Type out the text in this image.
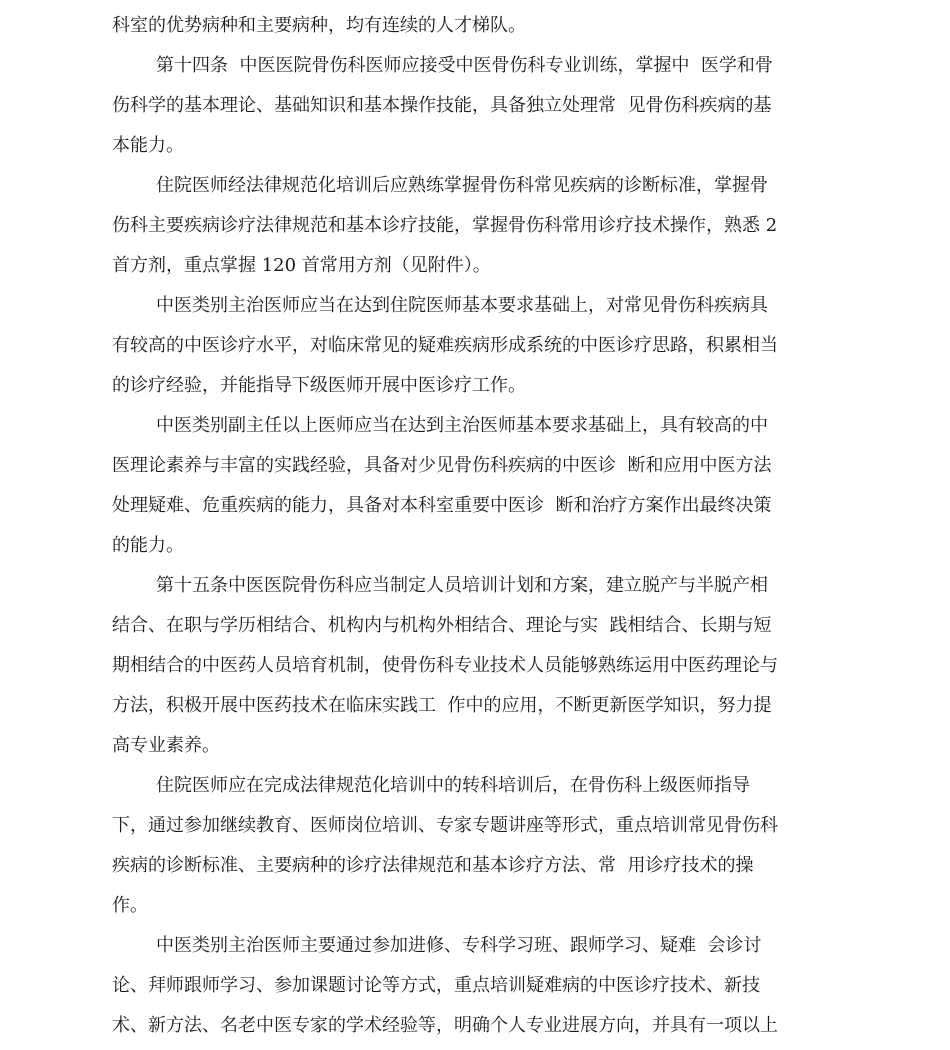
科室的优势病种和主要病种，均有连续的人才梯队。
第十四条  中医医院骨伤科医师应接受中医骨伤科专业训练，掌握中  医学和骨
伤科学的基本理论、基础知识和基本操作技能，具备独立处理常  见骨伤科疾病的基
本能力。
住院医师经法律规范化培训后应熟练掌握骨伤科常见疾病的诊断标准，掌握骨
伤科主要疾病诊疗法律规范和基本诊疗技能，掌握骨伤科常用诊疗技术操作，熟悉 2
首方剂，重点掌握 120 首常用方剂（见附件）。
中医类别主治医师应当在达到住院医师基本要求基础上，对常见骨伤科疾病具
有较高的中医诊疗水平，对临床常见的疑难疾病形成系统的中医诊疗思路，积累相当
的诊疗经验，并能指导下级医师开展中医诊疗工作。
中医类别副主任以上医师应当在达到主治医师基本要求基础上，具有较高的中
医理论素养与丰富的实践经验，具备对少见骨伤科疾病的中医诊  断和应用中医方法
处理疑难、危重疾病的能力，具备对本科室重要中医诊  断和治疗方案作出最终决策
的能力。
第十五条中医医院骨伤科应当制定人员培训计划和方案，建立脱产与半脱产相
结合、在职与学历相结合、机构内与机构外相结合、理论与实  践相结合、长期与短
期相结合的中医药人员培育机制，使骨伤科专业技术人员能够熟练运用中医药理论与
方法，积极开展中医药技术在临床实践工  作中的应用，不断更新医学知识，努力提
高专业素养。
住院医师应在完成法律规范化培训中的转科培训后，在骨伤科上级医师指导
下，通过参加继续教育、医师岗位培训、专家专题讲座等形式，重点培训常见骨伤科
疾病的诊断标准、主要病种的诊疗法律规范和基本诊疗方法、常  用诊疗技术的操
作。
中医类别主治医师主要通过参加进修、专科学习班、跟师学习、疑难  会诊讨
论、拜师跟师学习、参加课题讨论等方式，重点培训疑难病的中医诊疗技术、新技
术、新方法、名老中医专家的学术经验等，明确个人专业进展方向，并具有一项以上
